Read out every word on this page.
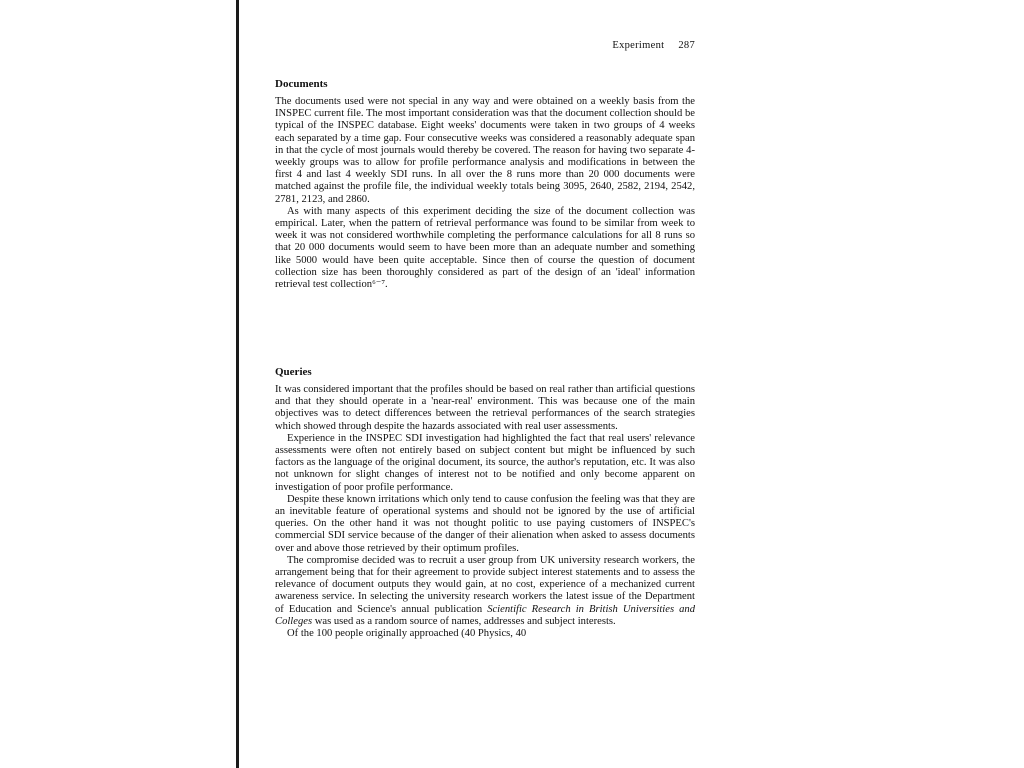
Experiment 287
Documents

The documents used were not special in any way and were obtained on a weekly basis from the INSPEC current file. The most important consideration was that the document collection should be typical of the INSPEC database. Eight weeks' documents were taken in two groups of 4 weeks each separated by a time gap. Four consecutive weeks was considered a reasonably adequate span in that the cycle of most journals would thereby be covered. The reason for having two separate 4-weekly groups was to allow for profile performance analysis and modifications in between the first 4 and last 4 weekly SDI runs. In all over the 8 runs more than 20 000 documents were matched against the profile file, the individual weekly totals being 3095, 2640, 2582, 2194, 2542, 2781, 2123, and 2860.

As with many aspects of this experiment deciding the size of the document collection was empirical. Later, when the pattern of retrieval performance was found to be similar from week to week it was not considered worthwhile completing the performance calculations for all 8 runs so that 20 000 documents would seem to have been more than an adequate number and something like 5000 would have been quite acceptable. Since then of course the question of document collection size has been thoroughly considered as part of the design of an 'ideal' information retrieval test collection⁶⁻⁷.

Queries

It was considered important that the profiles should be based on real rather than artificial questions and that they should operate in a 'near-real' environment. This was because one of the main objectives was to detect differences between the retrieval performances of the search strategies which showed through despite the hazards associated with real user assessments.

Experience in the INSPEC SDI investigation had highlighted the fact that real users' relevance assessments were often not entirely based on subject content but might be influenced by such factors as the language of the original document, its source, the author's reputation, etc. It was also not unknown for slight changes of interest not to be notified and only become apparent on investigation of poor profile performance.

Despite these known irritations which only tend to cause confusion the feeling was that they are an inevitable feature of operational systems and should not be ignored by the use of artificial queries. On the other hand it was not thought politic to use paying customers of INSPEC's commercial SDI service because of the danger of their alienation when asked to assess documents over and above those retrieved by their optimum profiles.

The compromise decided was to recruit a user group from UK university research workers, the arrangement being that for their agreement to provide subject interest statements and to assess the relevance of document outputs they would gain, at no cost, experience of a mechanized current awareness service. In selecting the university research workers the latest issue of the Department of Education and Science's annual publication Scientific Research in British Universities and Colleges was used as a random source of names, addresses and subject interests.

Of the 100 people originally approached (40 Physics, 40
